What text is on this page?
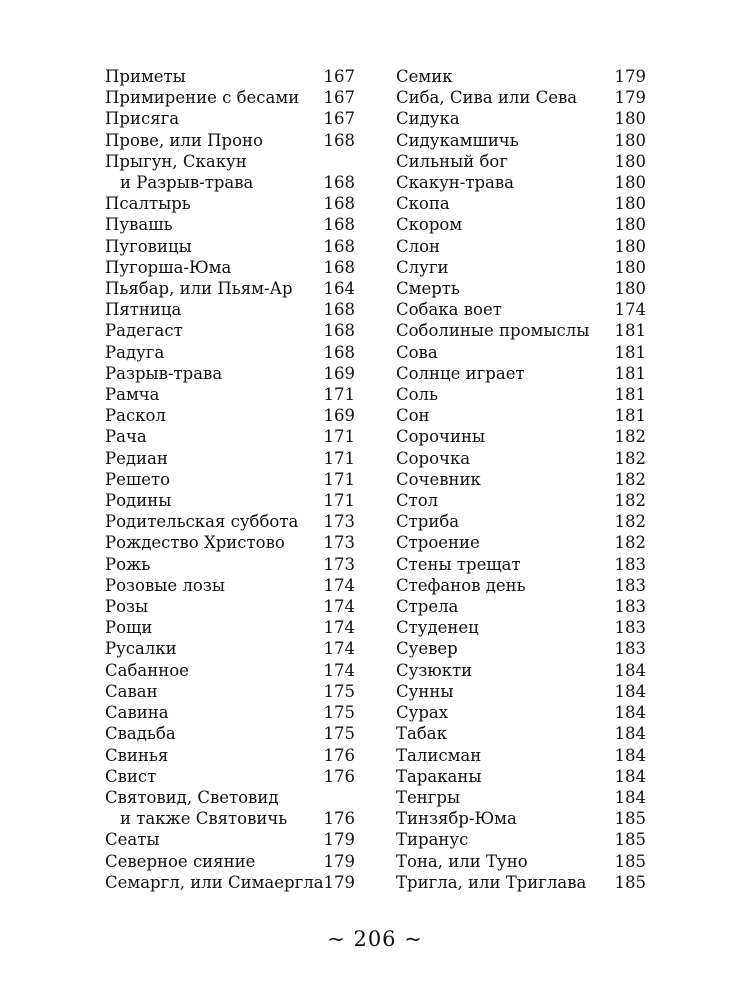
Приметы	167
Примирение с бесами 167
Присяга	167
Прове, или Проно	168
Прыгун, Скакун
и Разрыв-трава	168
Псалтырь	168
Пувашь	168
Пуговицы	168
Пугорша-Юма	168
Пьябар, или Пьям-Ар 164
Пятница	168
Радегаст	168
Радуга	168
Разрыв-трава	169
Рамча	171
Раскол	169
Рача	171
Редиан	171
Решето	171
Родины	171
Родительская суббота 173
Рождество Христово 173
Рожь	173
Розовые лозы	174
Розы	174
Рощи	174
Русалки	174
Сабанное	174
Саван	175
Савина	175
Свадьба	175
Свинья	176
Свист	176
Святовид, Световид
и также Святовичь 176
Сеаты	179
Северное сияние	179
Семаргл, или Симаергла 179
Семик	179
Сиба, Сива или Сева 179
Сидука	180
Сидукамшичь	180
Сильный бог	180
Скакун-трава	180
Скопа	180
Скором	180
Слон	180
Слуги	180
Смерть	180
Собака воет	174
Соболиные промыслы 181
Сова	181
Солнце играет	181
Соль	181
Сон	181
Сорочины	182
Сорочка	182
Сочевник	182
Стол	182
Стриба	182
Строение	182
Стены трещат	183
Стефанов день	183
Стрела	183
Студенец	183
Суевер	183
Сузюкти	184
Сунны	184
Сурах	184
Табак	184
Талисман	184
Тараканы	184
Тенгры	184
Тинзябр-Юма	185
Тиранус	185
Тона, или Туно	185
Тригла, или Триглава 185
~ 206 ~
